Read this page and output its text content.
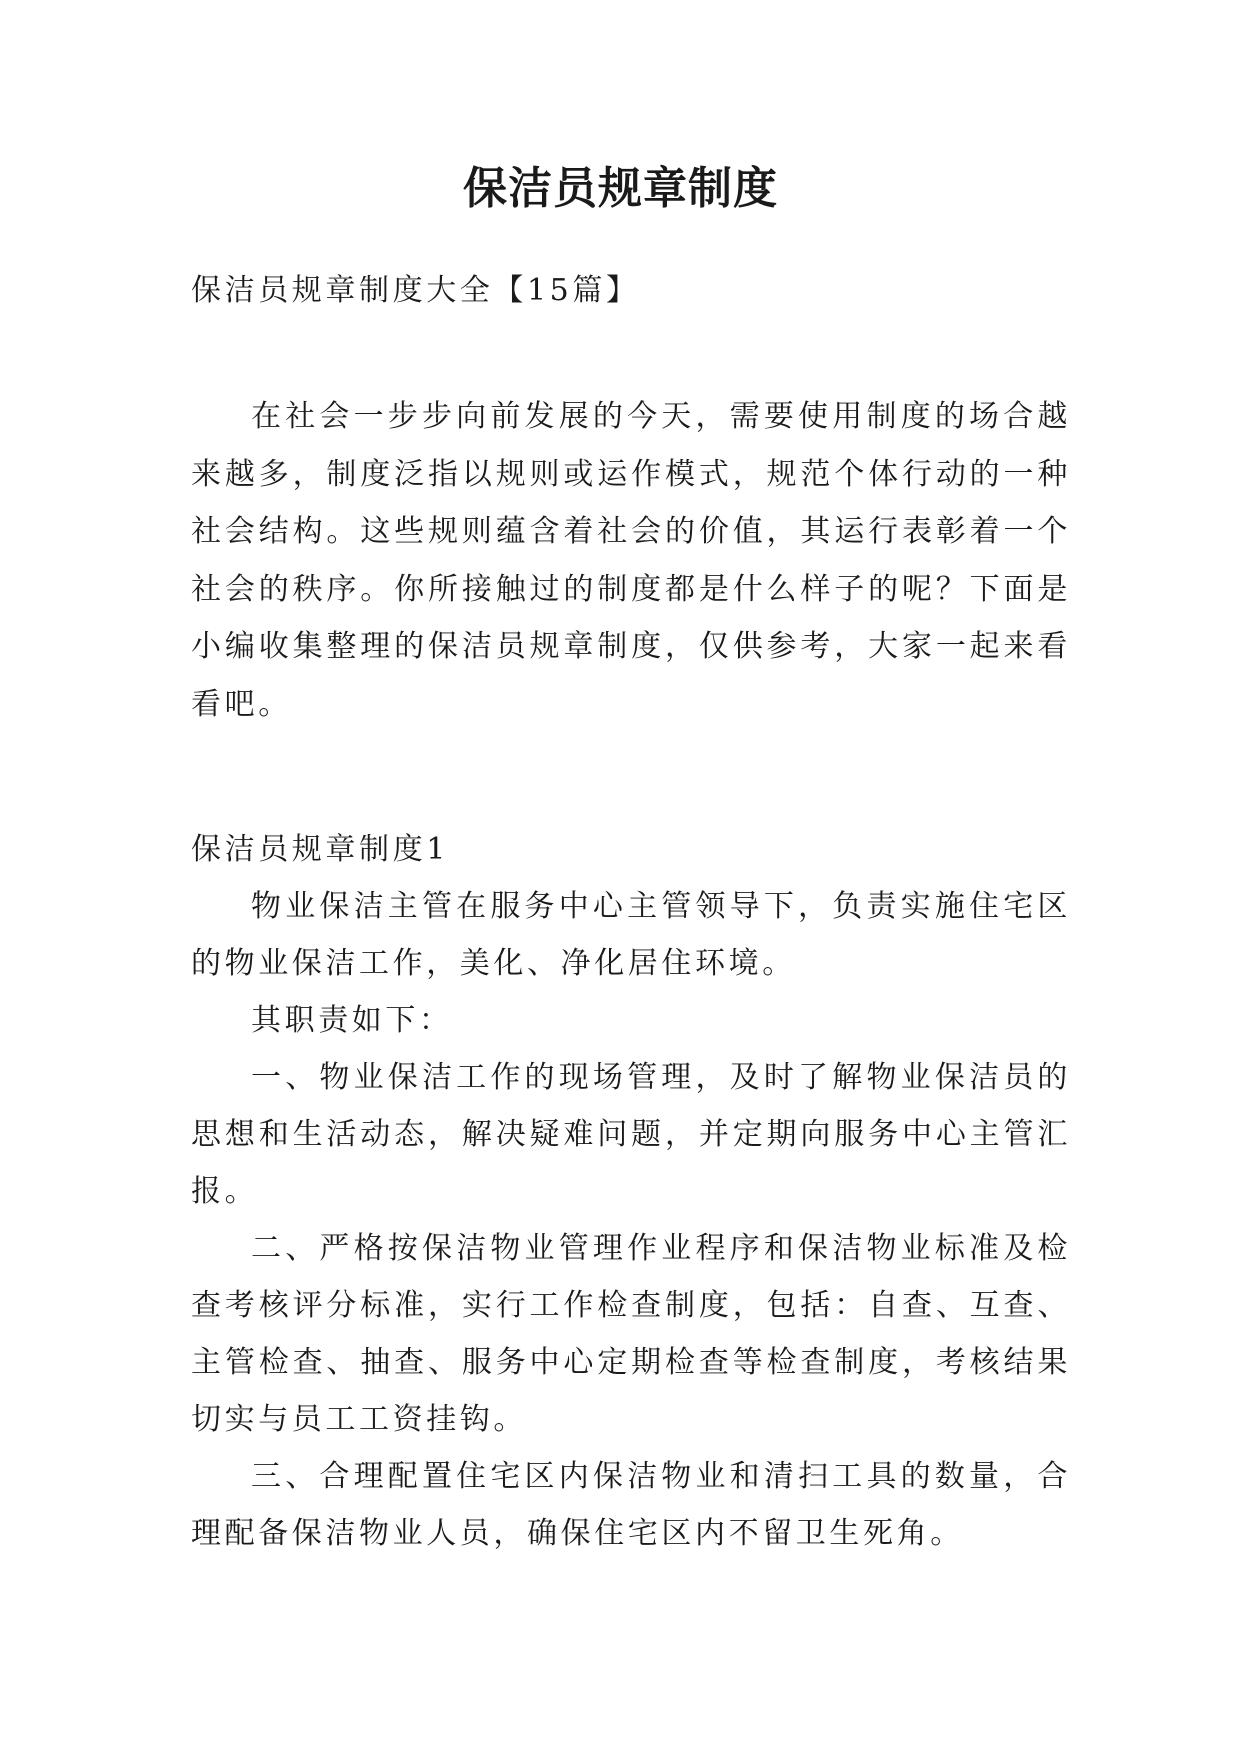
保洁员规章制度

保洁员规章制度大全【15篇】

在社会一步步向前发展的今天，需要使用制度的场合越来越多，制度泛指以规则或运作模式，规范个体行动的一种社会结构。这些规则蕴含着社会的价值，其运行表彰着一个社会的秩序。你所接触过的制度都是什么样子的呢？下面是小编收集整理的保洁员规章制度，仅供参考，大家一起来看看吧。

保洁员规章制度1

物业保洁主管在服务中心主管领导下，负责实施住宅区的物业保洁工作，美化、净化居住环境。

其职责如下：

一、物业保洁工作的现场管理，及时了解物业保洁员的思想和生活动态，解决疑难问题，并定期向服务中心主管汇报。

二、严格按保洁物业管理作业程序和保洁物业标准及检查考核评分标准，实行工作检查制度，包括：自查、互查、主管检查、抽查、服务中心定期检查等检查制度，考核结果切实与员工工资挂钩。

三、合理配置住宅区内保洁物业和清扫工具的数量，合理配备保洁物业人员，确保住宅区内不留卫生死角。
